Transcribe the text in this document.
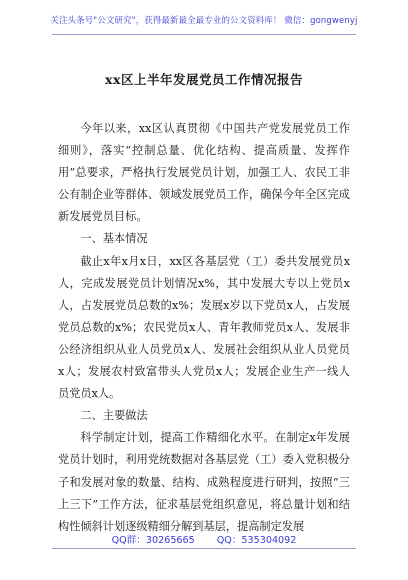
关注头条号"公文研究"，获得最新最全最专业的公文资料库！ 微信：gongwenyj
xx区上半年发展党员工作情况报告

今年以来，xx区认真贯彻《中国共产党发展党员工作细则》，落实“控制总量、优化结构、提高质量、发挥作用”总要求，严格执行发展党员计划，加强工人、农民工非公有制企业等群体、领域发展党员工作，确保今年全区完成新发展党员目标。

一、基本情况

截止x年x月x日，xx区各基层党（工）委共发展党员x人，完成发展党员计划情况x%，其中发展大专以上党员x人，占发展党员总数的x%；发展x岁以下党员x人，占发展党员总数的x%；农民党员x人、青年教师党员x人、发展非公经济组织从业人员党员x人、发展社会组织从业人员党员x人；发展农村致富带头人党员x人；发展企业生产一线人员党员x人。

二、主要做法

科学制定计划，提高工作精细化水平。在制定x年发展党员计划时，利用党统数据对各基层党（工）委入党积极分子和发展对象的数量、结构、成熟程度进行研判，按照“三上三下”工作方法，征求基层党组织意见，将总量计划和结构性倾斜计划逐级精细分解到基层，提高制定发展

QQ群：30265665 QQ：535304092
